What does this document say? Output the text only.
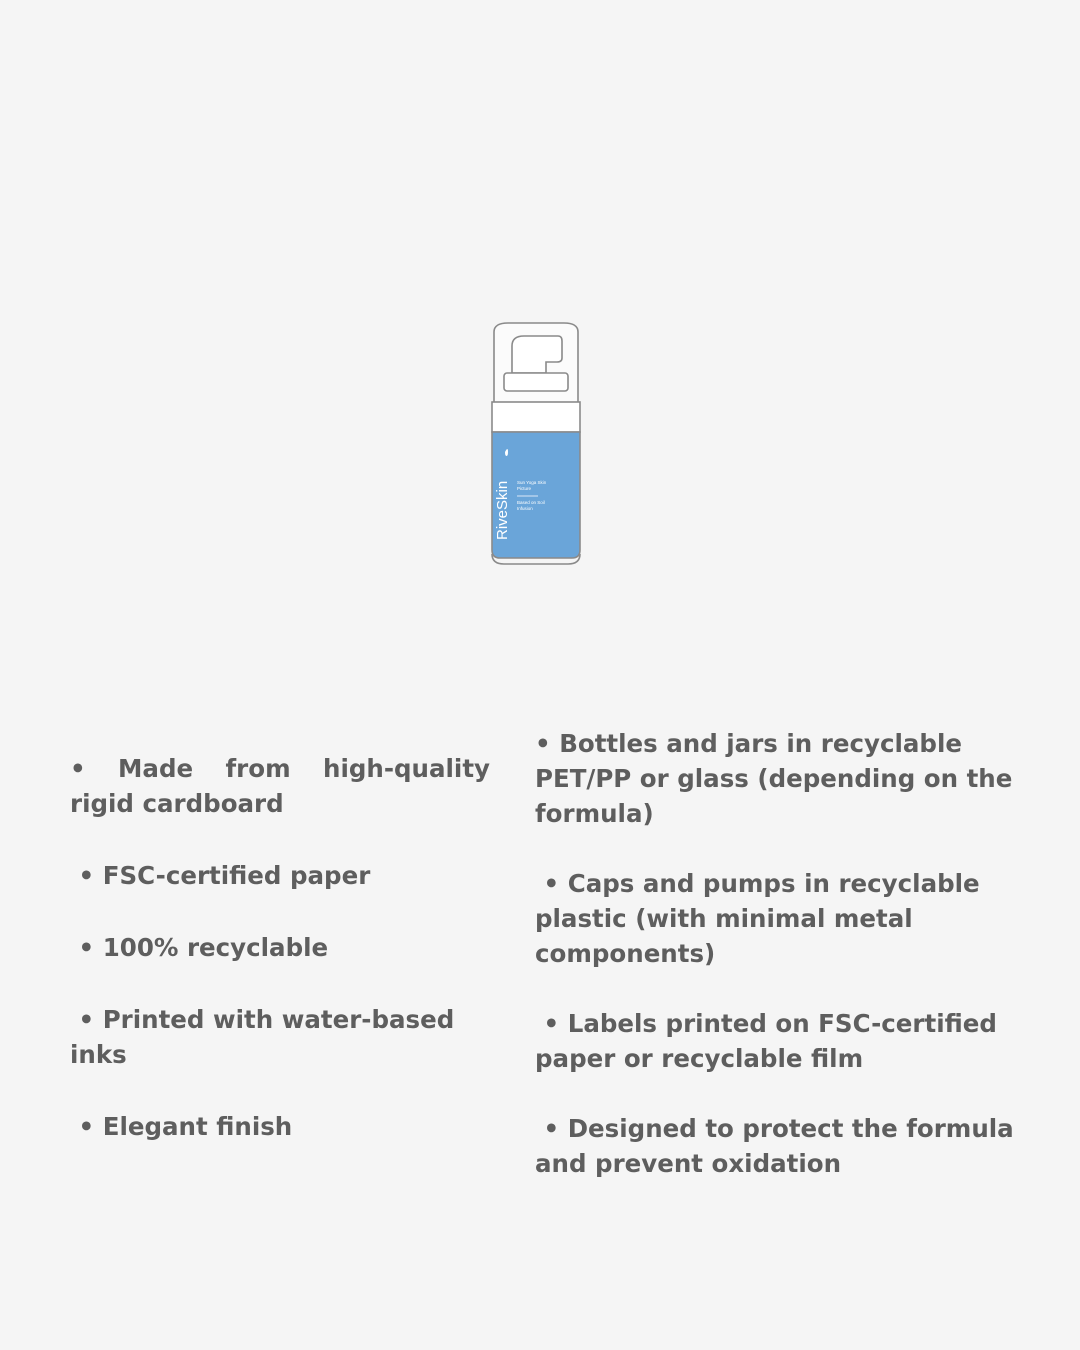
RiveSkin Sun Yoga Skin
Picture
Based on Soil
Infusion

•  Made  from  high-quality  rigid cardboard

• FSC-certified paper

• 100% recyclable

• Printed with water-based inks

• Elegant finish

• Bottles and jars in recyclable PET/PP or glass (depending on the formula)

• Caps and pumps in recyclable plastic (with minimal metal components)

• Labels printed on FSC-certified paper or recyclable film

• Designed to protect the formula and prevent oxidation
